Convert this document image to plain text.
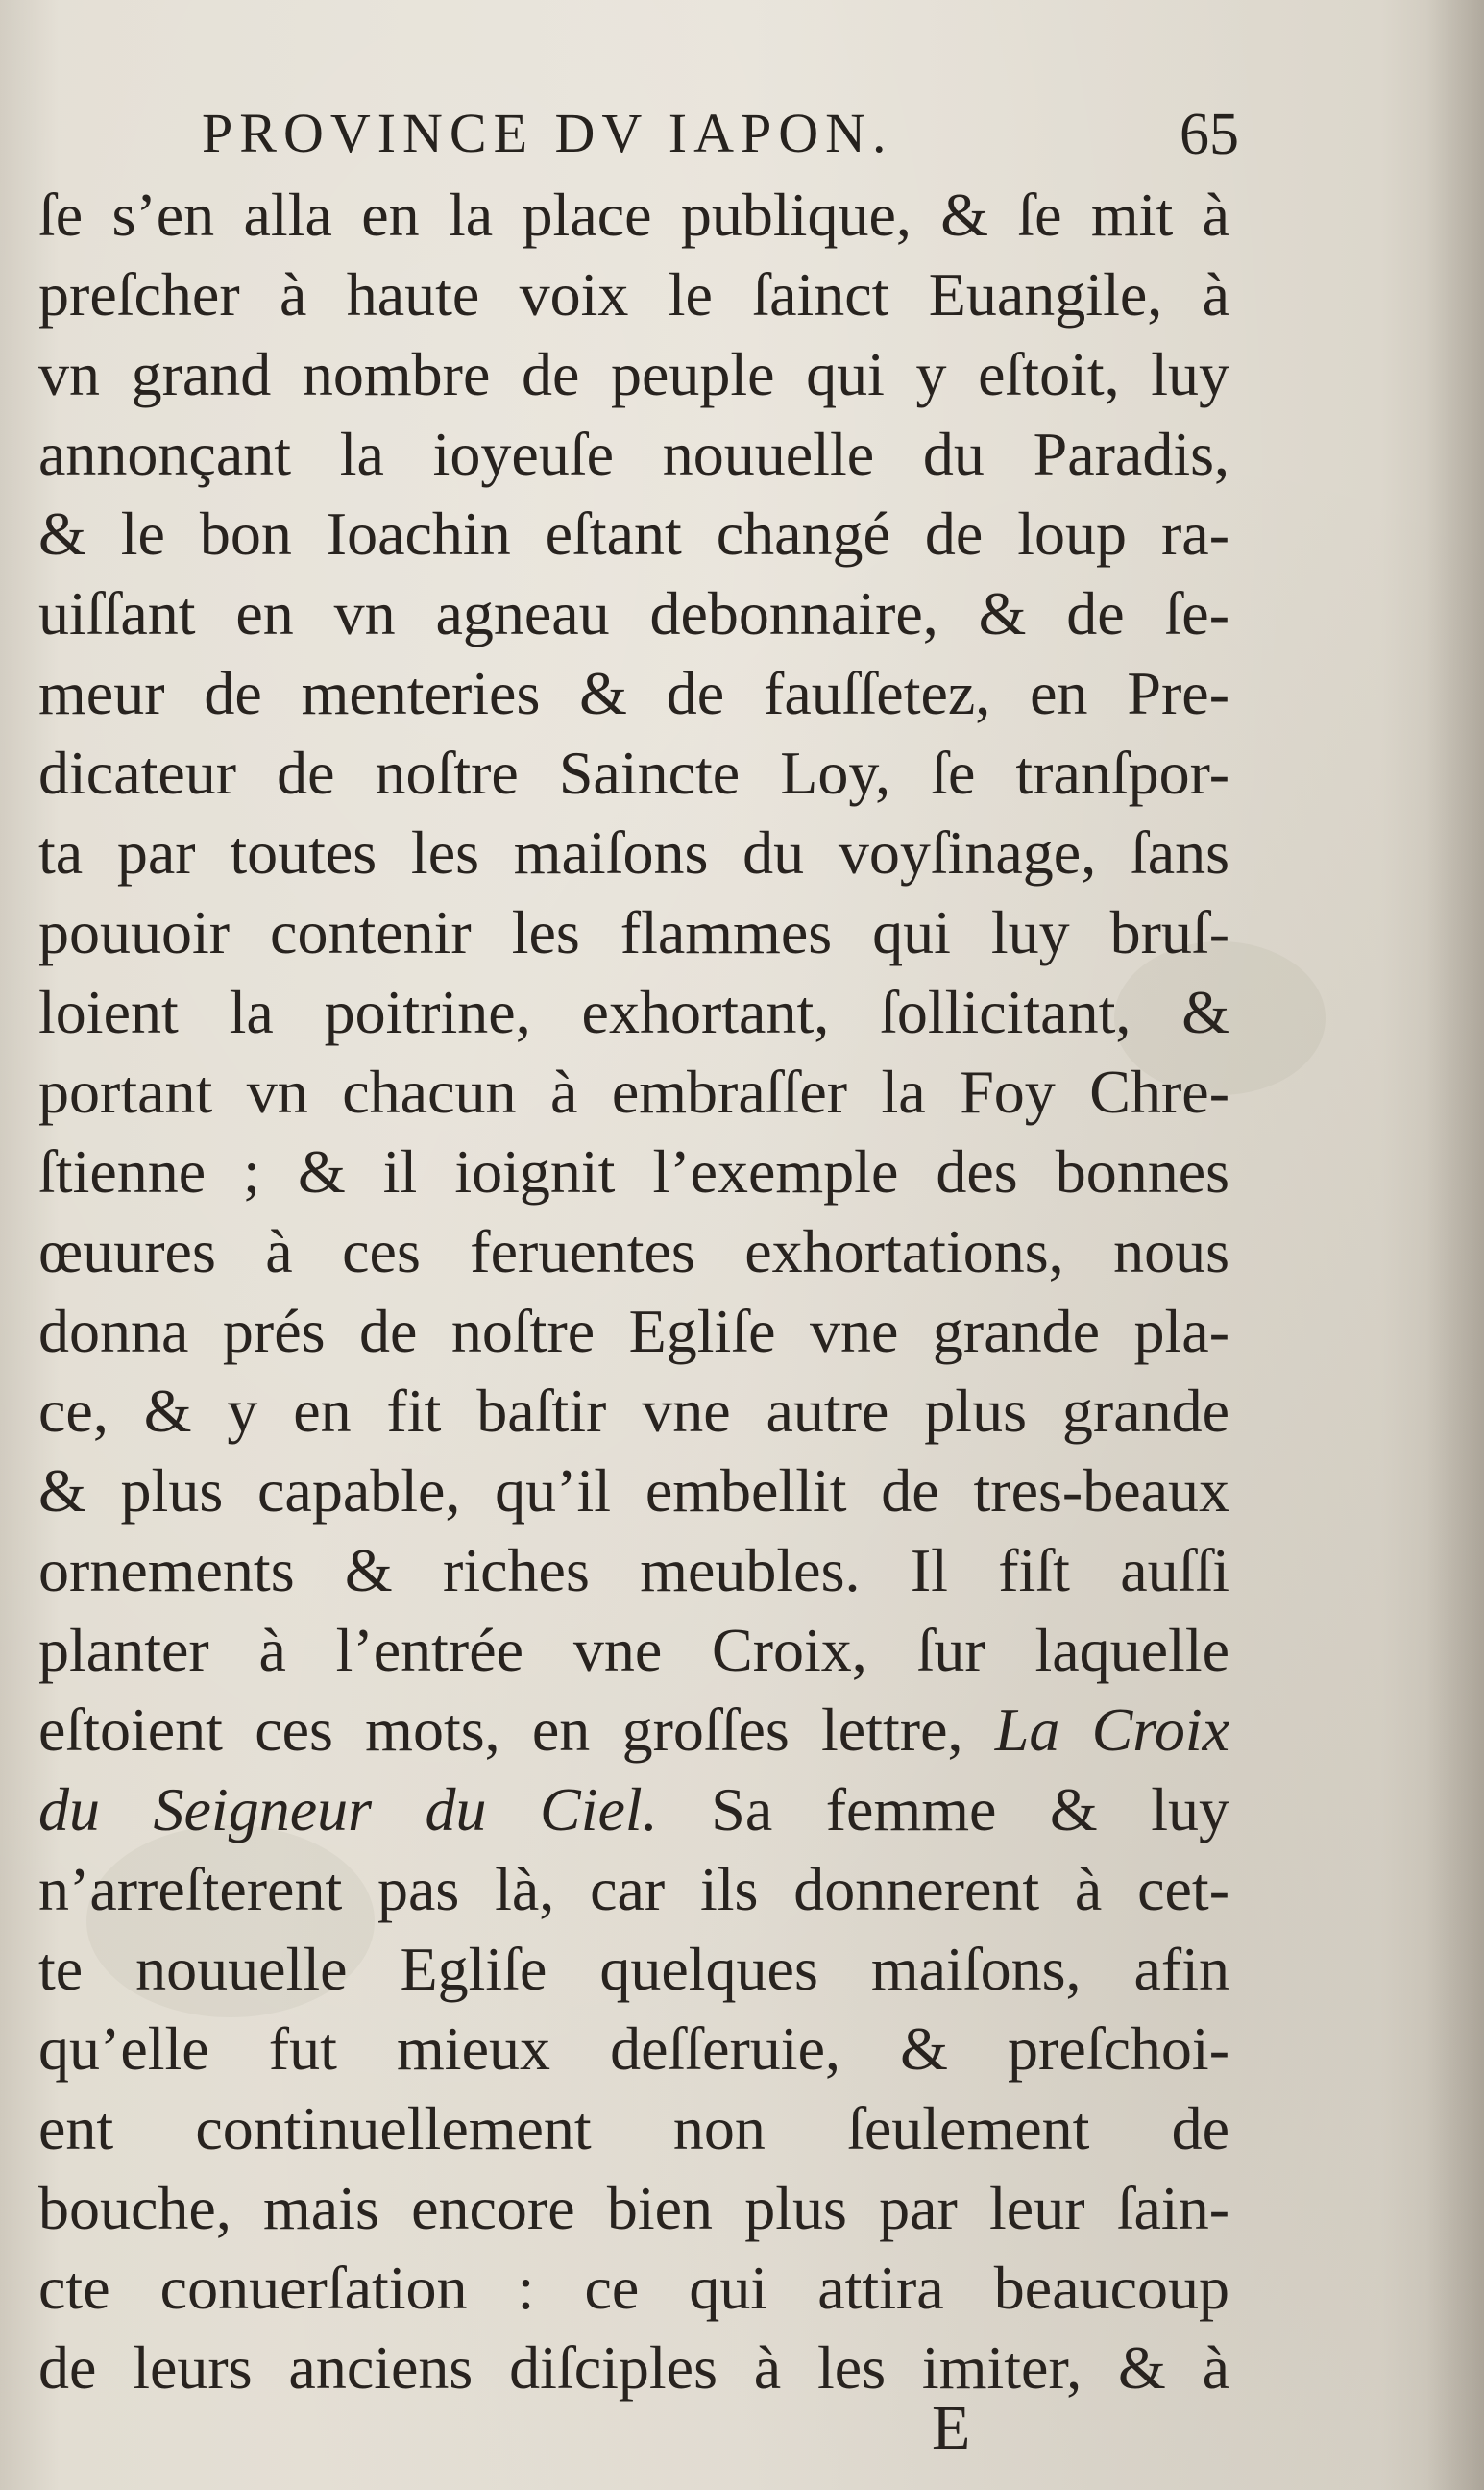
PROVINCE DV IAPON.	65
ſe s’en alla en la place publique, & ſe mit à
preſcher à haute voix le ſainct Euangile, à
vn grand nombre de peuple qui y eſtoit, luy
annonçant la ioyeuſe nouuelle du Paradis,
& le bon Ioachin eſtant changé de loup ra-
uiſſant en vn agneau debonnaire, & de ſe-
meur de menteries & de fauſſetez, en Pre-
dicateur de noſtre Saincte Loy, ſe tranſpor-
ta par toutes les maiſons du voyſinage, ſans
pouuoir contenir les flammes qui luy bruſ-
loient la poitrine, exhortant, ſollicitant, &
portant vn chacun à embraſſer la Foy Chre-
ſtienne ; & il ioignit l’exemple des bonnes
œuures à ces feruentes exhortations, nous
donna prés de noſtre Egliſe vne grande pla-
ce, & y en fit baſtir vne autre plus grande
& plus capable, qu’il embellit de tres-beaux
ornements & riches meubles. Il fiſt auſſi
planter à l’entrée vne Croix, ſur laquelle
eſtoient ces mots, en groſſes lettre, La Croix
du Seigneur du Ciel. Sa femme & luy
n’arreſterent pas là, car ils donnerent à cet-
te nouuelle Egliſe quelques maiſons, afin
qu’elle fut mieux deſſeruie, & preſchoi-
ent continuellement non ſeulement de
bouche, mais encore bien plus par leur ſain-
cte conuerſation : ce qui attira beaucoup
de leurs anciens diſciples à les imiter, & à
E
